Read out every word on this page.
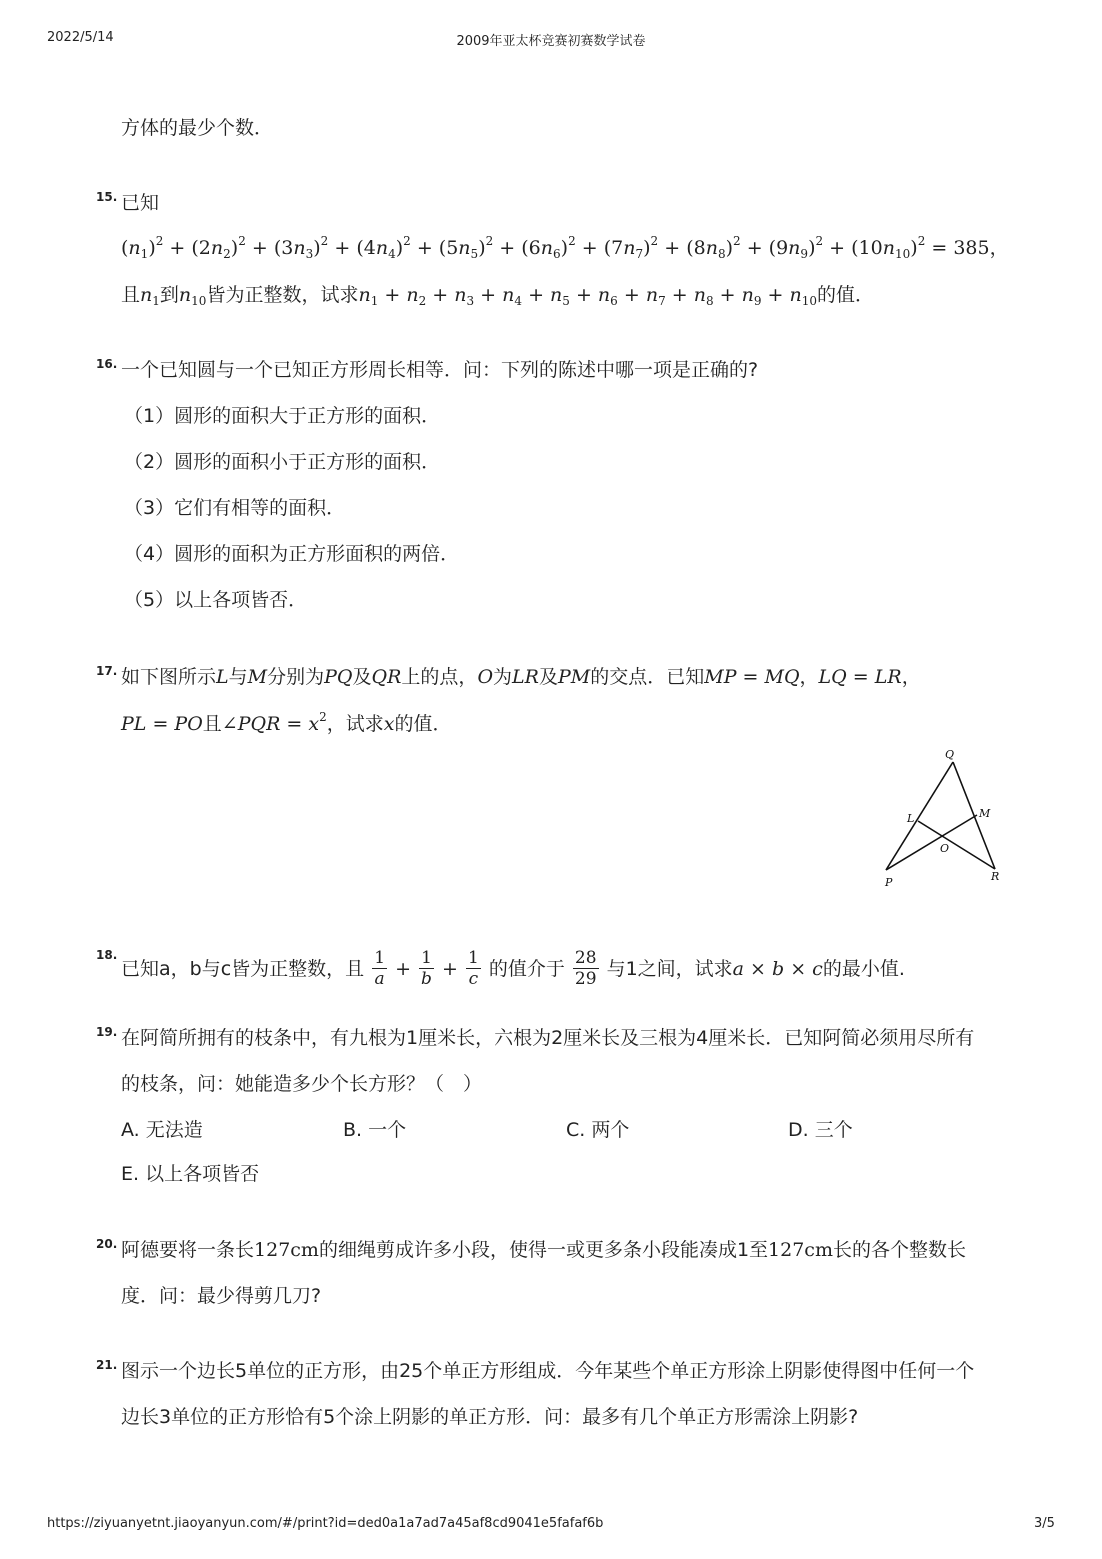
2022/5/14	2009年亚太杯竞赛初赛数学试卷
https://ziyuanyetnt.jiaoyanyun.com/#/print?id=ded0a1a7ad7a45af8cd9041e5fafaf6b	3/5
方体的最少个数．
15. 已知
$(n_1)^2 + (2n_2)^2 + (3n_3)^2 + (4n_4)^2 + (5n_5)^2 + (6n_6)^2 + (7n_7)^2 + (8n_8)^2 + (9n_9)^2 + (10n_{10})^2 = 385$，
且$n_1$到$n_{10}$皆为正整数，试求$n_1 + n_2 + n_3 + n_4 + n_5 + n_6 + n_7 + n_8 + n_9 + n_{10}$的值．
16. 一个已知圆与一个已知正方形周长相等．问：下列的陈述中哪一项是正确的?
（1）圆形的面积大于正方形的面积．
（2）圆形的面积小于正方形的面积．
（3）它们有相等的面积．
（4）圆形的面积为正方形面积的两倍．
（5）以上各项皆否．
17. 如下图所示L与M分别为PQ及QR上的点，O为LR及PM的交点．已知MP = MQ，LQ = LR，
PL = PO且∠PQR = $x^2$，试求x的值．
Q
L	M
O
P	R
18.
已知a，b与c皆为正整数，且 $\frac{1}{a} + \frac{1}{b} + \frac{1}{c}$ 的值介于 $\frac{28}{29}$ 与1之间，试求a × b × c的最小值.
19. 在阿简所拥有的枝条中，有九根为1厘米长，六根为2厘米长及三根为4厘米长．已知阿简必须用尽所有
的枝条，问：她能造多少个长方形？（　）
A. 无法造	B. 一个	C. 两个	D. 三个
E. 以上各项皆否
20. 阿德要将一条长127cm的细绳剪成许多小段，使得一或更多条小段能凑成1至127cm长的各个整数长
度．问：最少得剪几刀?
21. 图示一个边长5单位的正方形，由25个单正方形组成．今年某些个单正方形涂上阴影使得图中任何一个
边长3单位的正方形恰有5个涂上阴影的单正方形．问：最多有几个单正方形需涂上阴影?
